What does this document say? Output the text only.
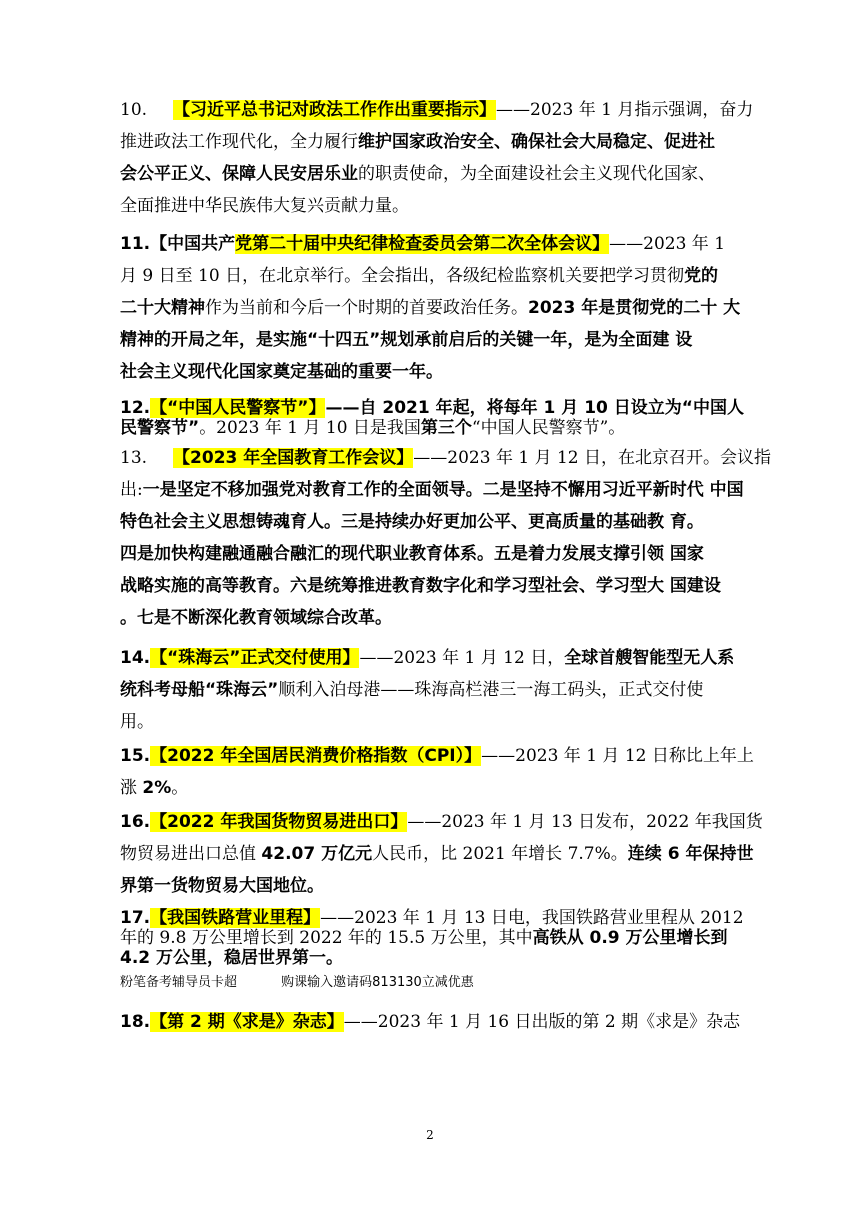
10. 【习近平总书记对政法工作作出重要指示】——2023 年 1 月指示强调，奋力
推进政法工作现代化，全力履行维护国家政治安全、确保社会大局稳定、促进社
会公平正义、保障人民安居乐业的职责使命，为全面建设社会主义现代化国家、
全面推进中华民族伟大复兴贡献力量。
11.【中国共产党第二十届中央纪律检查委员会第二次全体会议】——2023 年 1
月 9 日至 10 日，在北京举行。全会指出，各级纪检监察机关要把学习贯彻党的
二十大精神作为当前和今后一个时期的首要政治任务。2023 年是贯彻党的二十 大
精神的开局之年，是实施“十四五”规划承前启后的关键一年，是为全面建 设
社会主义现代化国家奠定基础的重要一年。
12.【“中国人民警察节”】——自 2021 年起，将每年 1 月 10 日设立为“中国人
民警察节”。2023 年 1 月 10 日是我国第三个“中国人民警察节”。
13. 【2023 年全国教育工作会议】——2023 年 1 月 12 日，在北京召开。会议指
出:一是坚定不移加强党对教育工作的全面领导。二是坚持不懈用习近平新时代 中国
特色社会主义思想铸魂育人。三是持续办好更加公平、更高质量的基础教 育。
四是加快构建融通融合融汇的现代职业教育体系。五是着力发展支撑引领 国家
战略实施的高等教育。六是统筹推进教育数字化和学习型社会、学习型大 国建设
。七是不断深化教育领域综合改革。
14.【“珠海云”正式交付使用】——2023 年 1 月 12 日，全球首艘智能型无人系
统科考母船“珠海云”顺利入泊母港——珠海高栏港三一海工码头，正式交付使
用。
15.【2022 年全国居民消费价格指数（CPI）】——2023 年 1 月 12 日称比上年上
涨 2%。
16.【2022 年我国货物贸易进出口】——2023 年 1 月 13 日发布，2022 年我国货
物贸易进出口总值 42.07 万亿元人民币，比 2021 年增长 7.7%。连续 6 年保持世
界第一货物贸易大国地位。
17.【我国铁路营业里程】——2023 年 1 月 13 日电，我国铁路营业里程从 2012
年的 9.8 万公里增长到 2022 年的 15.5 万公里，其中高铁从 0.9 万公里增长到
4.2 万公里，稳居世界第一。
粉笔备考辅导员卡超	购课输入邀请码813130立减优惠
18.【第 2 期《求是》杂志】——2023 年 1 月 16 日出版的第 2 期《求是》杂志
2
